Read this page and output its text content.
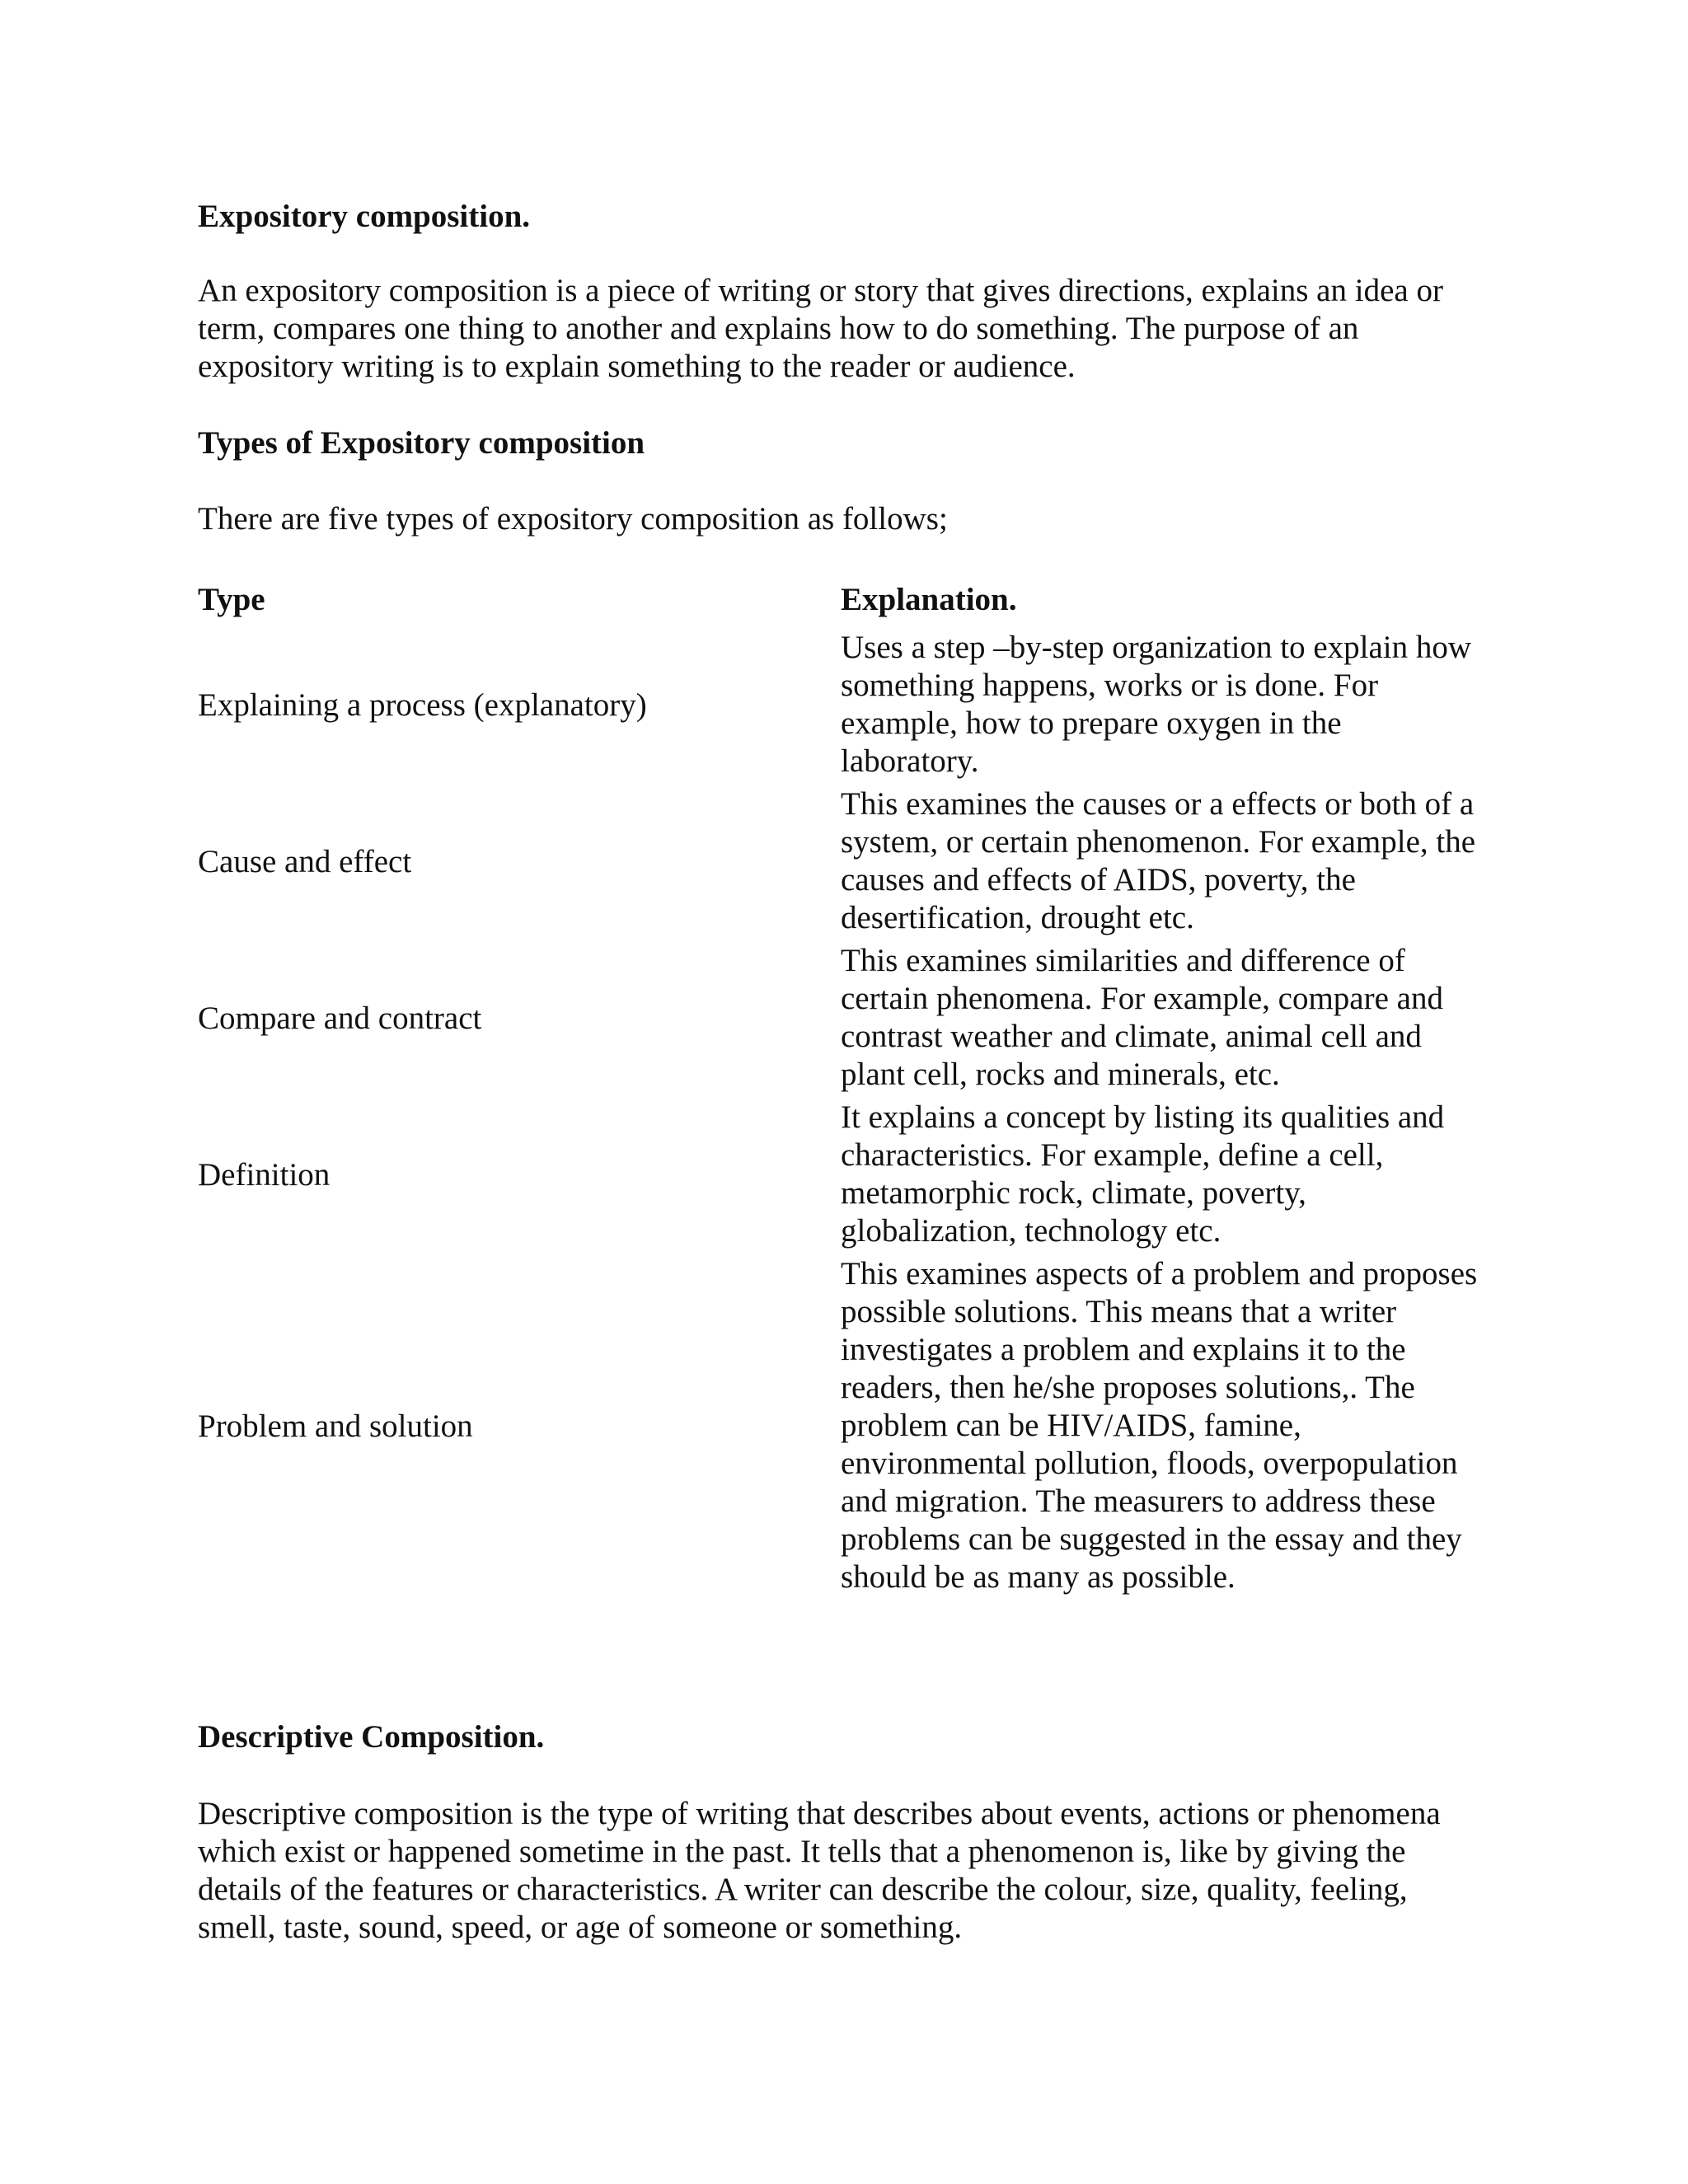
Expository composition.

An expository composition is a piece of writing or story that gives directions, explains an idea or term, compares one thing to another and explains how to do something. The purpose of an expository writing is to explain something to the reader or audience.

Types of Expository composition

There are five types of expository composition as follows;

Type	Explanation.
Explaining a process (explanatory)
Uses a step –by-step organization to explain how something happens, works or is done. For example, how to prepare oxygen in the laboratory.
Cause and effect
This examines the causes or a effects or both of a system, or certain phenomenon. For example, the causes and effects of AIDS, poverty, the desertification, drought etc.
Compare and contract
This examines similarities and difference of certain phenomena. For example, compare and contrast weather and climate, animal cell and plant cell, rocks and minerals, etc.
Definition
It explains a concept by listing its qualities and characteristics. For example, define a cell, metamorphic rock, climate, poverty, globalization, technology etc.
Problem and solution
This examines aspects of a problem and proposes possible solutions. This means that a writer investigates a problem and explains it to the readers, then he/she proposes solutions,. The problem can be HIV/AIDS, famine, environmental pollution, floods, overpopulation and migration. The measurers to address these problems can be suggested in the essay and they should be as many as possible.
Descriptive Composition.

Descriptive composition is the type of writing that describes about events, actions or phenomena which exist or happened sometime in the past. It tells that a phenomenon is, like by giving the details of the features or characteristics. A writer can describe the colour, size, quality, feeling, smell, taste, sound, speed, or age of someone or something.
